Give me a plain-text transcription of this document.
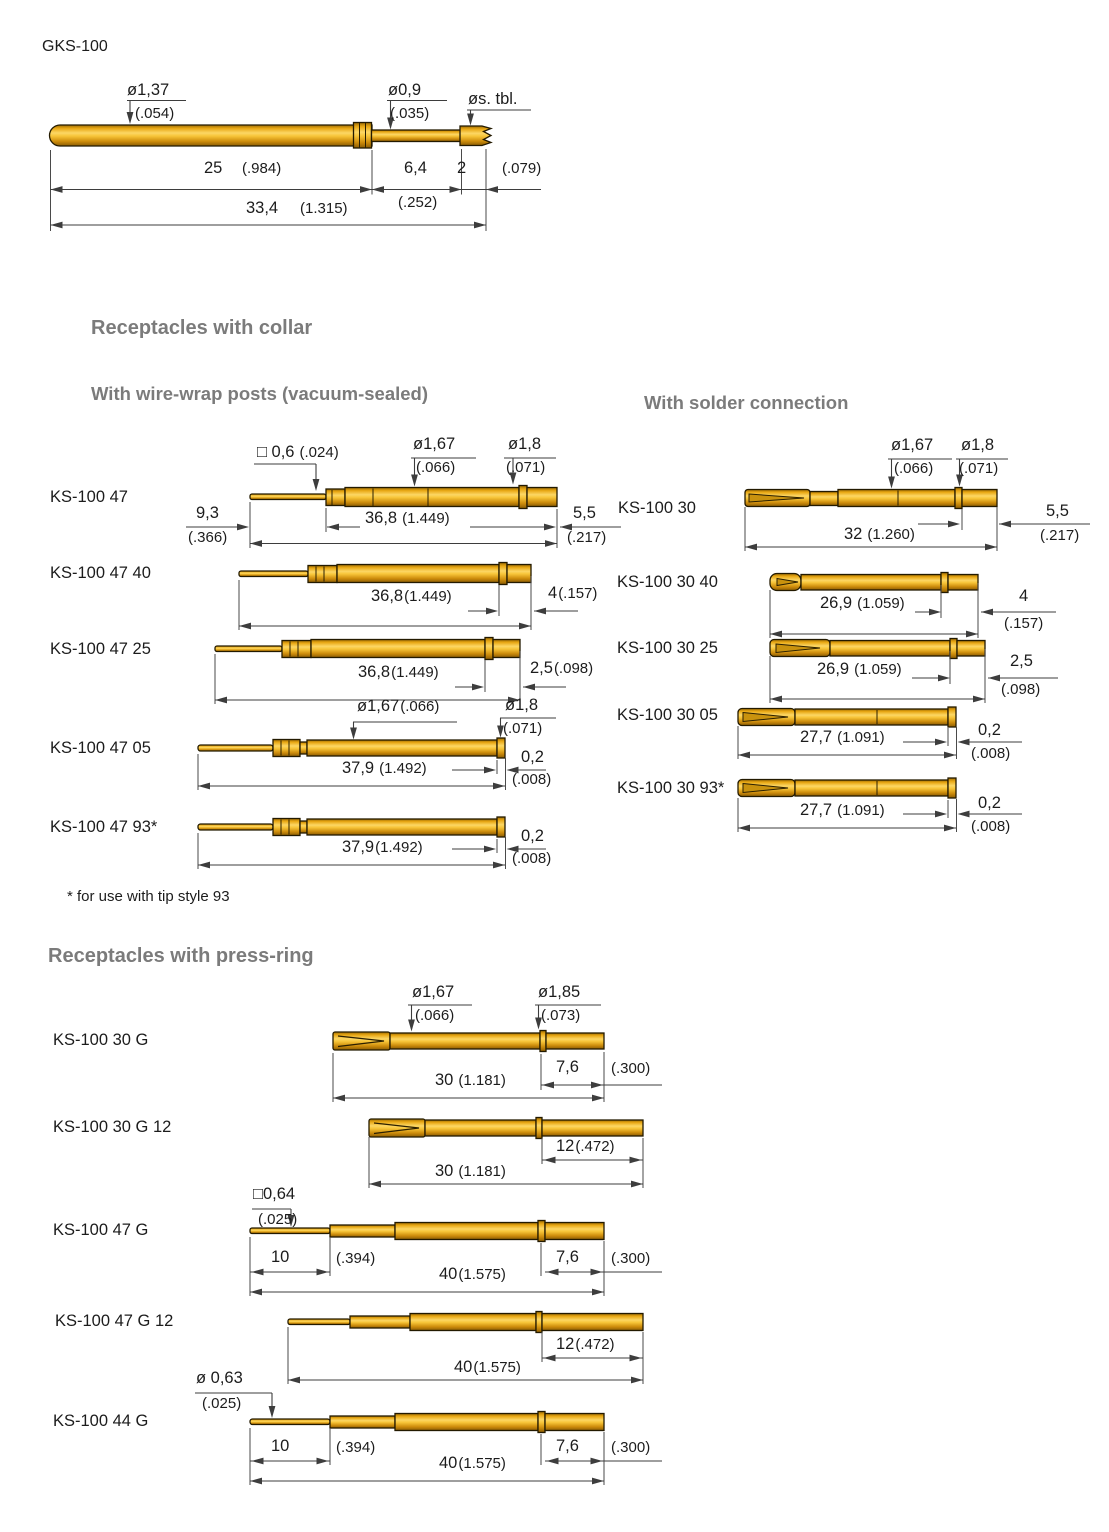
GKS-100
ø1,37
(.054)
ø0,9
(.035)
øs. tbl.
25 (.984)	6,4
(.252)
2 (.079)
33,4 (1.315)
Receptacles with collar
With wire-wrap posts (vacuum-sealed)	With solder connection
Receptacles with press-ring
* for use with tip style 93
KS-100 47
□ 0,6 (.024)	ø1,67
(.066)
ø1,8
(.071)
9,3
(.366)
36,8 (1.449)	5,5
(.217)
KS-100 47 40
36,8(1.449)	4(.157)
KS-100 47 25
36,8(1.449)	2,5(.098)
KS-100 47 05
ø1,67(.066)	ø1,8
(.071)
37,9 (1.492)
0,2
(.008)
KS-100 47 93*
37,9(1.492)
0,2
(.008)
KS-100 30
ø1,67
(.066)
ø1,8
(.071)
32 (1.260)
5,5
(.217)
KS-100 30 40
26,9 (1.059)	4
(.157)
KS-100 30 25
26,9 (1.059)	2,5
(.098)
KS-100 30 05
27,7 (1.091)	0,2
(.008)
KS-100 30 93*
27,7 (1.091)	0,2
(.008)
KS-100 30 G
ø1,67
(.066)
ø1,85
(.073)
7,6 (.300)
30 (1.181)
KS-100 30 G 12
12(.472)
30 (1.181)
KS-100 47 G
□0,64
(.025)
10	(.394)	7,6 (.300)
40(1.575)
KS-100 47 G 12
12(.472)
40(1.575)
KS-100 44 G
ø 0,63
(.025)
10	(.394)	7,6 (.300)
40(1.575)
